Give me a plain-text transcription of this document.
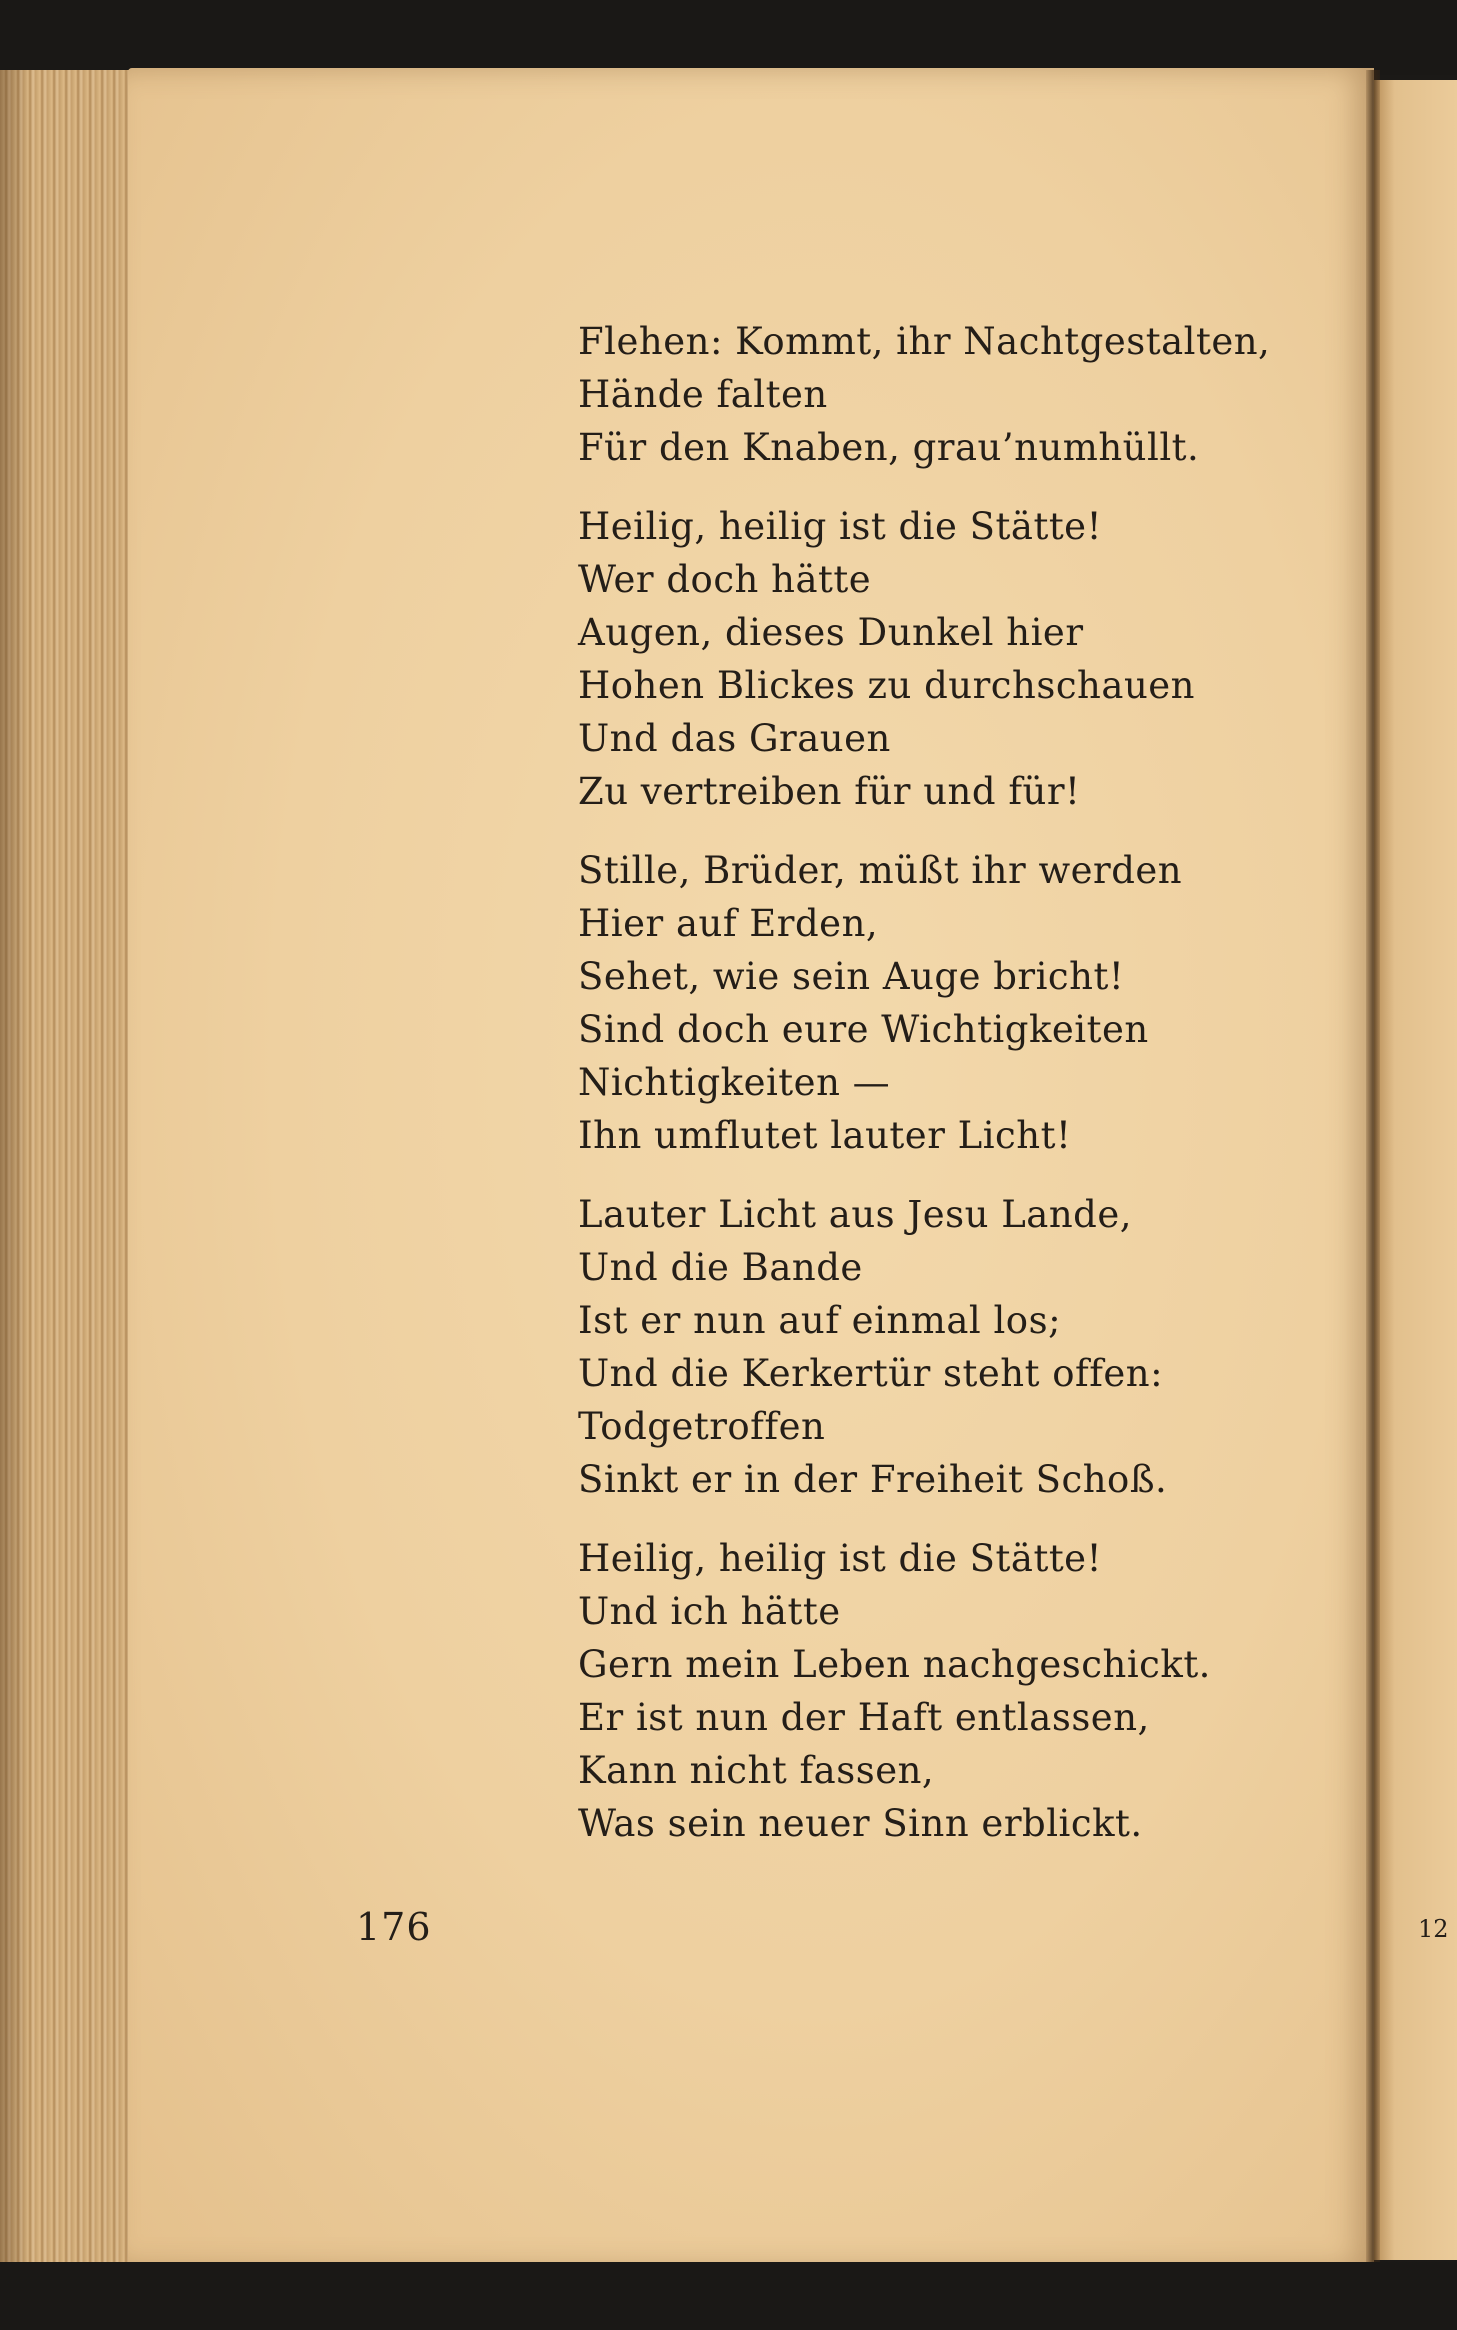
Flehen: Kommt, ihr Nachtgestalten,
Hände falten
Für den Knaben, grau’numhüllt.
Heilig, heilig ist die Stätte!
Wer doch hätte
Augen, dieses Dunkel hier
Hohen Blickes zu durchschauen
Und das Grauen
Zu vertreiben für und für!
Stille, Brüder, müßt ihr werden
Hier auf Erden,
Sehet, wie sein Auge bricht!
Sind doch eure Wichtigkeiten
Nichtigkeiten —
Ihn umflutet lauter Licht!
Lauter Licht aus Jesu Lande,
Und die Bande
Ist er nun auf einmal los;
Und die Kerkertür steht offen:
Todgetroffen
Sinkt er in der Freiheit Schoß.
Heilig, heilig ist die Stätte!
Und ich hätte
Gern mein Leben nachgeschickt.
Er ist nun der Haft entlassen,
Kann nicht fassen,
Was sein neuer Sinn erblickt.
176	12
